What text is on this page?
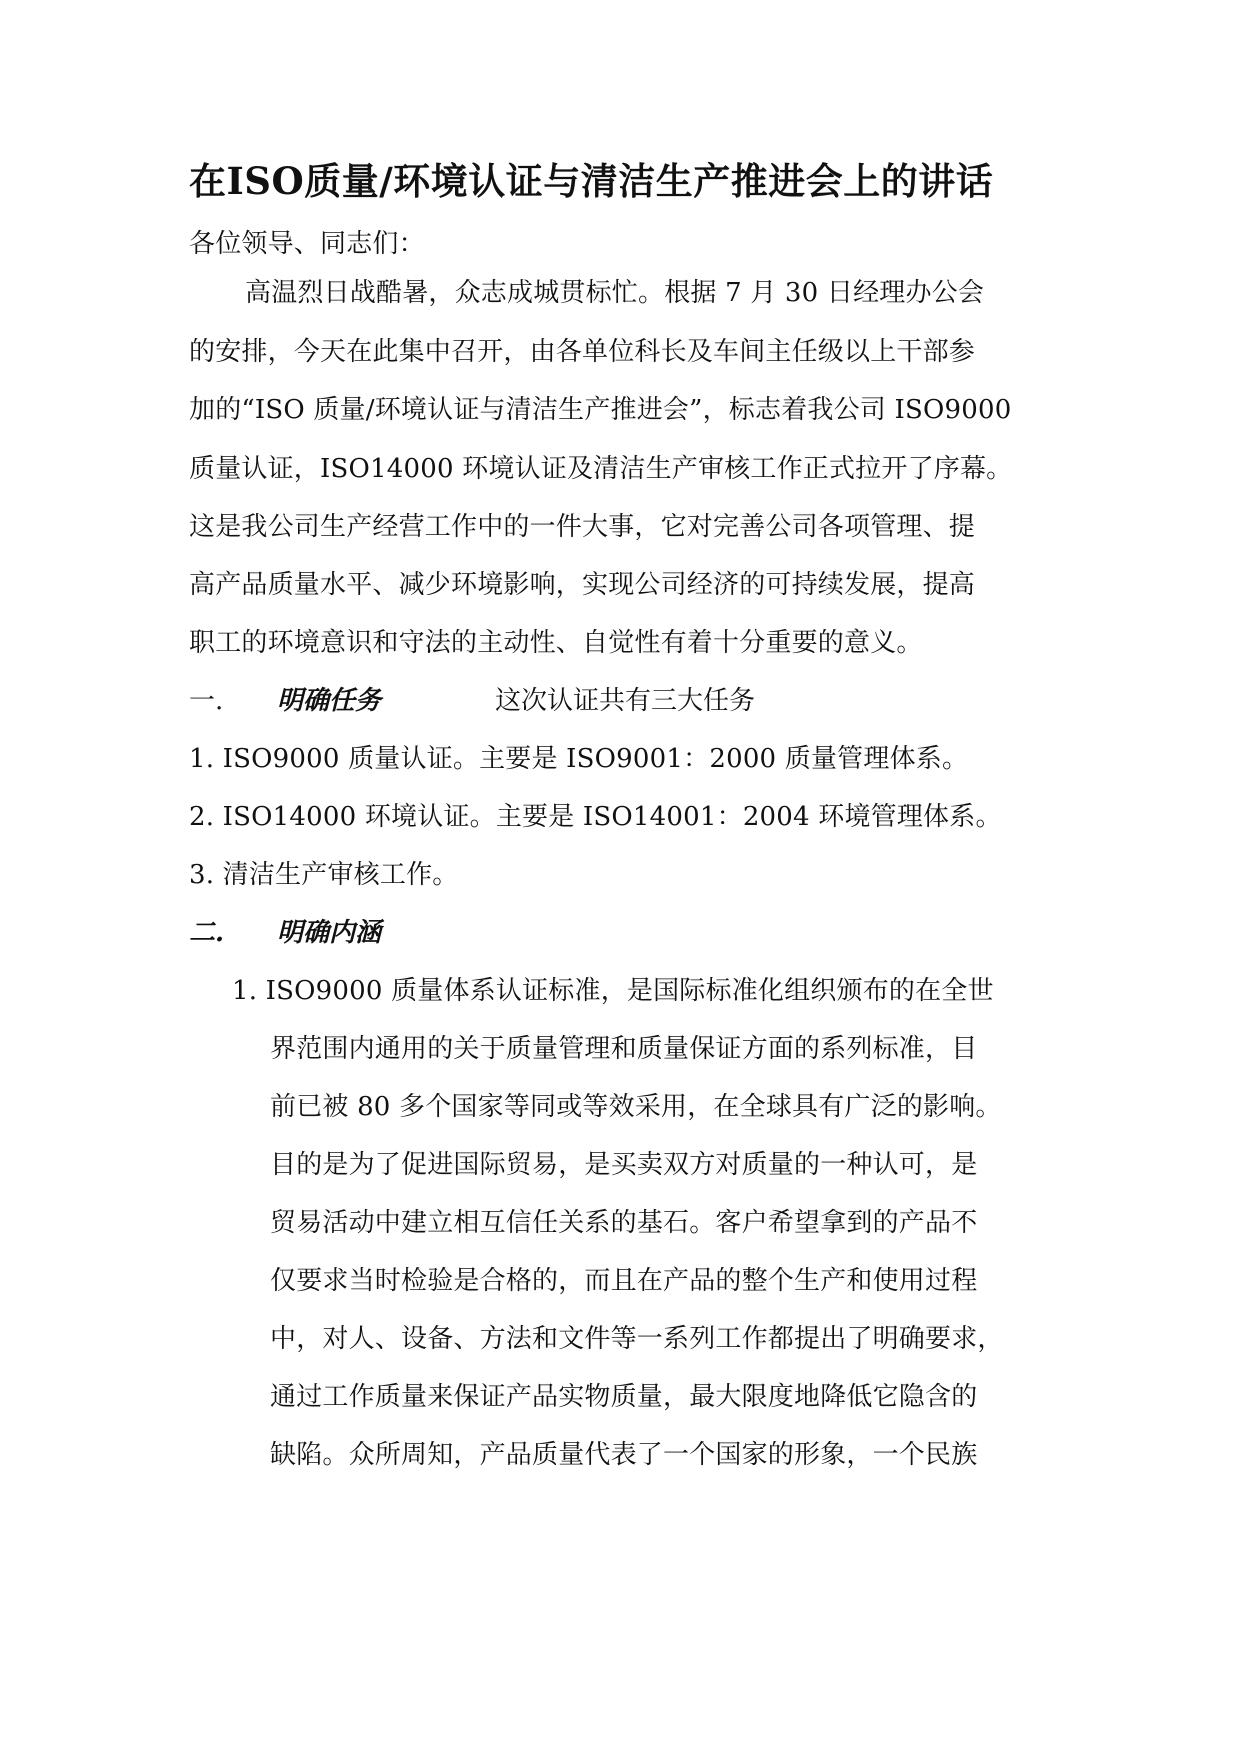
在ISO质量/环境认证与清洁生产推进会上的讲话
各位领导、同志们：
高温烈日战酷暑，众志成城贯标忙。根据 7 月 30 日经理办公会
的安排，今天在此集中召开，由各单位科长及车间主任级以上干部参
加的“ISO 质量/环境认证与清洁生产推进会”，标志着我公司 ISO9000
质量认证，ISO14000 环境认证及清洁生产审核工作正式拉开了序幕。
这是我公司生产经营工作中的一件大事，它对完善公司各项管理、提
高产品质量水平、减少环境影响，实现公司经济的可持续发展，提高
职工的环境意识和守法的主动性、自觉性有着十分重要的意义。
一. 明确任务	这次认证共有三大任务
1. ISO9000 质量认证。主要是 ISO9001：2000 质量管理体系。
2. ISO14000 环境认证。主要是 ISO14001：2004 环境管理体系。
3. 清洁生产审核工作。
二. 明确内涵
1. ISO9000 质量体系认证标准，是国际标准化组织颁布的在全世
界范围内通用的关于质量管理和质量保证方面的系列标准，目
前已被 80 多个国家等同或等效采用，在全球具有广泛的影响。
目的是为了促进国际贸易，是买卖双方对质量的一种认可，是
贸易活动中建立相互信任关系的基石。客户希望拿到的产品不
仅要求当时检验是合格的，而且在产品的整个生产和使用过程
中，对人、设备、方法和文件等一系列工作都提出了明确要求，
通过工作质量来保证产品实物质量，最大限度地降低它隐含的
缺陷。众所周知，产品质量代表了一个国家的形象，一个民族
